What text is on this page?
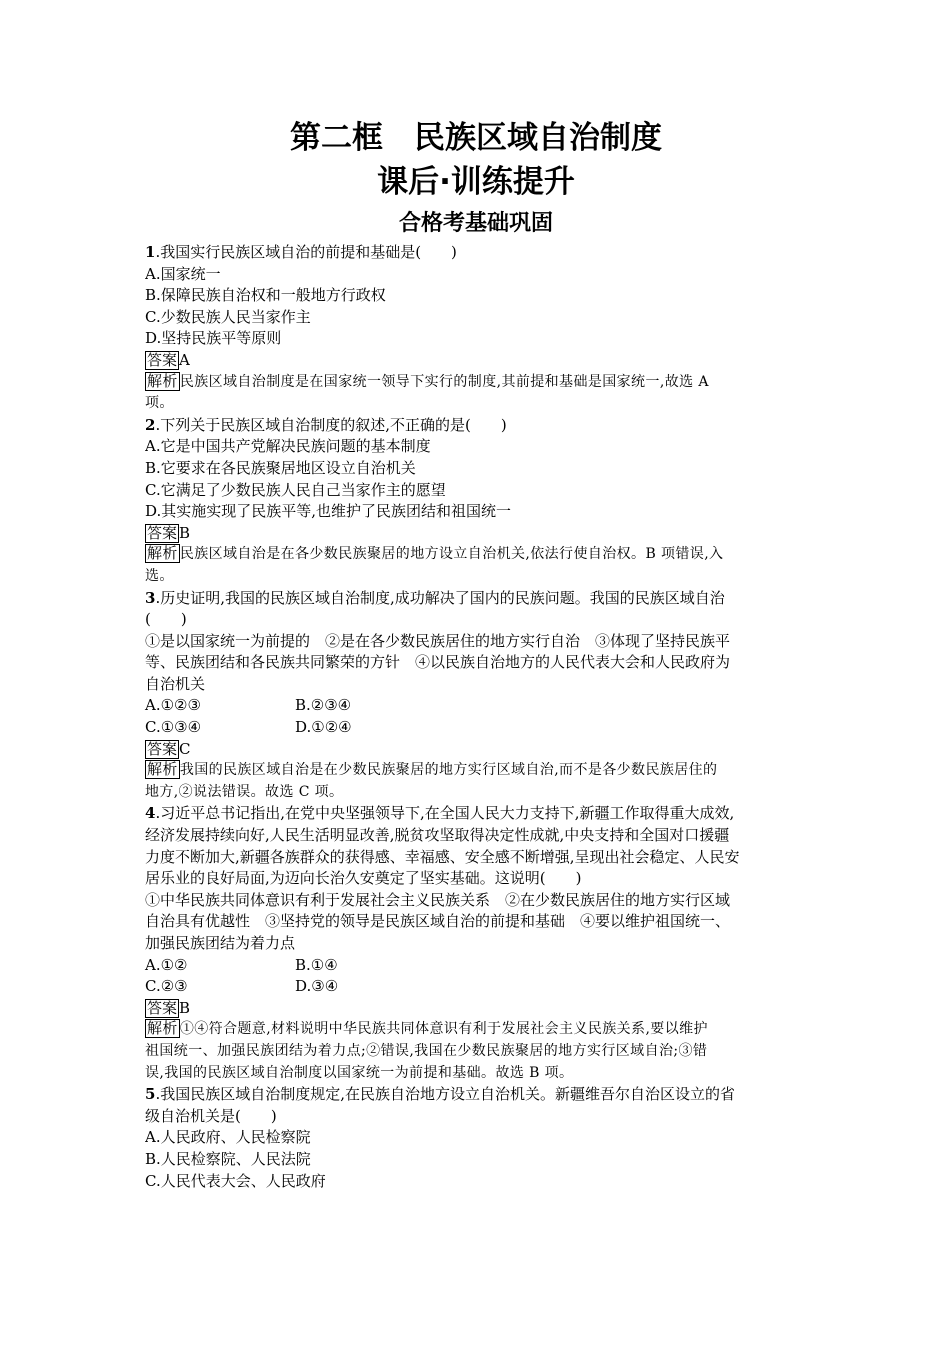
第二框　民族区域自治制度
课后·训练提升
合格考基础巩固
1.我国实行民族区域自治的前提和基础是(　　)
A.国家统一
B.保障民族自治权和一般地方行政权
C.少数民族人民当家作主
D.坚持民族平等原则
答案 A
解析 民族区域自治制度是在国家统一领导下实行的制度,其前提和基础是国家统一,故选 A
项。
2.下列关于民族区域自治制度的叙述,不正确的是(　　)
A.它是中国共产党解决民族问题的基本制度
B.它要求在各民族聚居地区设立自治机关
C.它满足了少数民族人民自己当家作主的愿望
D.其实施实现了民族平等,也维护了民族团结和祖国统一
答案 B
解析 民族区域自治是在各少数民族聚居的地方设立自治机关,依法行使自治权。B 项错误,入
选。
3.历史证明,我国的民族区域自治制度,成功解决了国内的民族问题。我国的民族区域自治
(　　)
①是以国家统一为前提的　②是在各少数民族居住的地方实行自治　③体现了坚持民族平
等、民族团结和各民族共同繁荣的方针　④以民族自治地方的人民代表大会和人民政府为
自治机关
A.①②③	B.②③④
C.①③④	D.①②④
答案 C
解析 我国的民族区域自治是在少数民族聚居的地方实行区域自治,而不是各少数民族居住的
地方,②说法错误。故选 C 项。
4.习近平总书记指出,在党中央坚强领导下,在全国人民大力支持下,新疆工作取得重大成效,
经济发展持续向好,人民生活明显改善,脱贫攻坚取得决定性成就,中央支持和全国对口援疆
力度不断加大,新疆各族群众的获得感、幸福感、安全感不断增强,呈现出社会稳定、人民安
居乐业的良好局面,为迈向长治久安奠定了坚实基础。这说明(　　)
①中华民族共同体意识有利于发展社会主义民族关系　②在少数民族居住的地方实行区域
自治具有优越性　③坚持党的领导是民族区域自治的前提和基础　④要以维护祖国统一、
加强民族团结为着力点
A.①②	B.①④
C.②③	D.③④
答案 B
解析 ①④符合题意,材料说明中华民族共同体意识有利于发展社会主义民族关系,要以维护
祖国统一、加强民族团结为着力点;②错误,我国在少数民族聚居的地方实行区域自治;③错
误,我国的民族区域自治制度以国家统一为前提和基础。故选 B 项。
5.我国民族区域自治制度规定,在民族自治地方设立自治机关。新疆维吾尔自治区设立的省
级自治机关是(　　)
A.人民政府、人民检察院
B.人民检察院、人民法院
C.人民代表大会、人民政府
